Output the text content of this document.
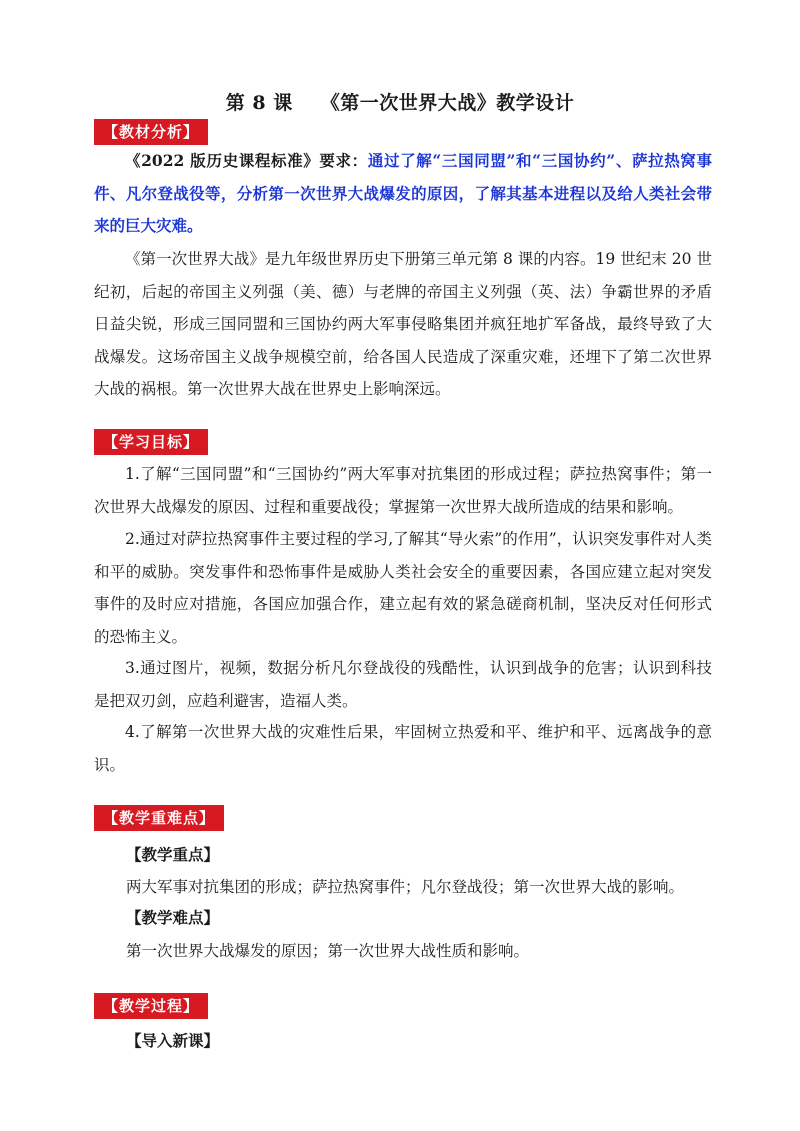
第 8 课 《第一次世界大战》教学设计
【教材分析】
《2022 版历史课程标准》要求：通过了解“三国同盟”和“三国协约”、萨拉热窝事件、凡尔登战役等，分析第一次世界大战爆发的原因，了解其基本进程以及给人类社会带来的巨大灾难。
《第一次世界大战》是九年级世界历史下册第三单元第 8 课的内容。19 世纪末 20 世纪初，后起的帝国主义列强（美、德）与老牌的帝国主义列强（英、法）争霸世界的矛盾日益尖锐，形成三国同盟和三国协约两大军事侵略集团并疯狂地扩军备战，最终导致了大战爆发。这场帝国主义战争规模空前，给各国人民造成了深重灾难，还埋下了第二次世界大战的祸根。第一次世界大战在世界史上影响深远。
【学习目标】
1.了解“三国同盟”和“三国协约”两大军事对抗集团的形成过程；萨拉热窝事件；第一次世界大战爆发的原因、过程和重要战役；掌握第一次世界大战所造成的结果和影响。
2.通过对萨拉热窝事件主要过程的学习,了解其“导火索”的作用”，认识突发事件对人类和平的威胁。突发事件和恐怖事件是威胁人类社会安全的重要因素，各国应建立起对突发事件的及时应对措施，各国应加强合作，建立起有效的紧急磋商机制，坚决反对任何形式的恐怖主义。
3.通过图片，视频，数据分析凡尔登战役的残酷性，认识到战争的危害；认识到科技是把双刃剑，应趋利避害，造福人类。
4.了解第一次世界大战的灾难性后果，牢固树立热爱和平、维护和平、远离战争的意识。
【教学重难点】
【教学重点】
两大军事对抗集团的形成；萨拉热窝事件；凡尔登战役；第一次世界大战的影响。
【教学难点】
第一次世界大战爆发的原因；第一次世界大战性质和影响。
【教学过程】
【导入新课】
